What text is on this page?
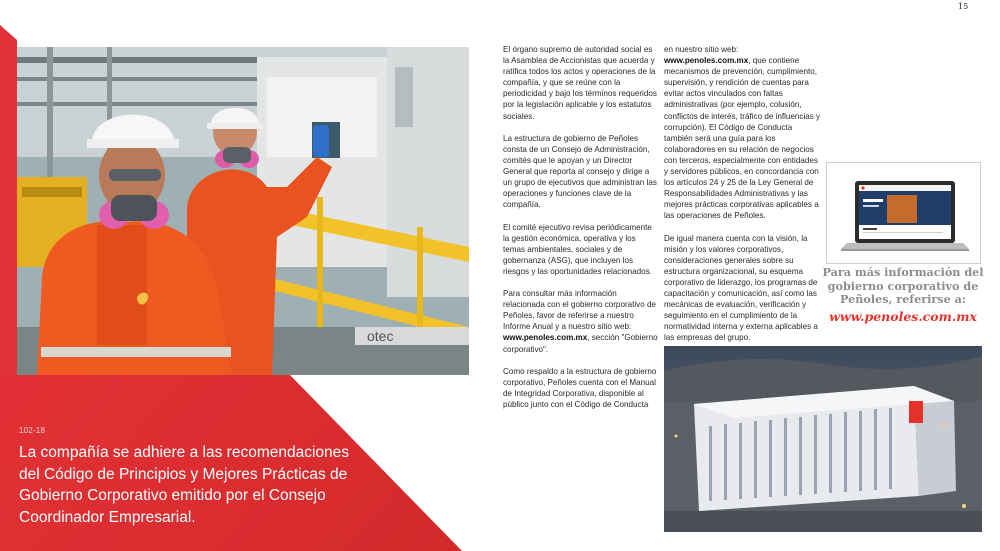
otec
102-18
La compañía se adhiere a las recomendaciones del Código de Principios y Mejores Prácticas de Gobierno Corporativo emitido por el Consejo Coordinador Empresarial.

El órgano supremo de autoridad social es la Asamblea de Accionistas que acuerda y ratifica todos los actos y operaciones de la compañía, y que se reúne con la periodicidad y bajo los términos requeridos por la legislación aplicable y los estatutos sociales.

La estructura de gobierno de Peñoles consta de un Consejo de Administración, comités que le apoyan y un Director General que reporta al consejo y dirige a un grupo de ejecutivos que administran las operaciones y funciones clave de la compañía.

El comité ejecutivo revisa periódicamente la gestión económica, operativa y los temas ambientales, sociales y de gobernanza (ASG), que incluyen los riesgos y las oportunidades relacionados.

Para consultar más información relacionada con el gobierno corporativo de Peñoles, favor de referirse a nuestro Informe Anual y a nuestro sitio web: www.penoles.com.mx, sección "Gobierno corporativo".

Como respaldo a la estructura de gobierno corporativo, Peñoles cuenta con el Manual de Integridad Corporativa, disponible al público junto con el Código de Conducta

en nuestro sitio web: www.penoles.com.mx, que contiene mecanismos de prevención, cumplimiento, supervisión, y rendición de cuentas para evitar actos vinculados con faltas administrativas (por ejemplo, colusión, conflictos de interés, tráfico de influencias y corrupción). El Código de Conducta también será una guía para los colaboradores en su relación de negocios con terceros, especialmente con entidades y servidores públicos, en concordancia con los artículos 24 y 25 de la Ley General de Responsabilidades Administrativas y las mejores prácticas corporativas aplicables a las operaciones de Peñoles.

De igual manera cuenta con la visión, la misión y los valores corporativos, consideraciones generales sobre su estructura organizacional, su esquema corporativo de liderazgo, los programas de capacitación y comunicación, así como las mecánicas de evaluación, verificación y seguimiento en el cumplimiento de la normatividad interna y externa aplicables a las empresas del grupo.

15
Para más información del gobierno corporativo de Peñoles, referirse a:
www.penoles.com.mx
